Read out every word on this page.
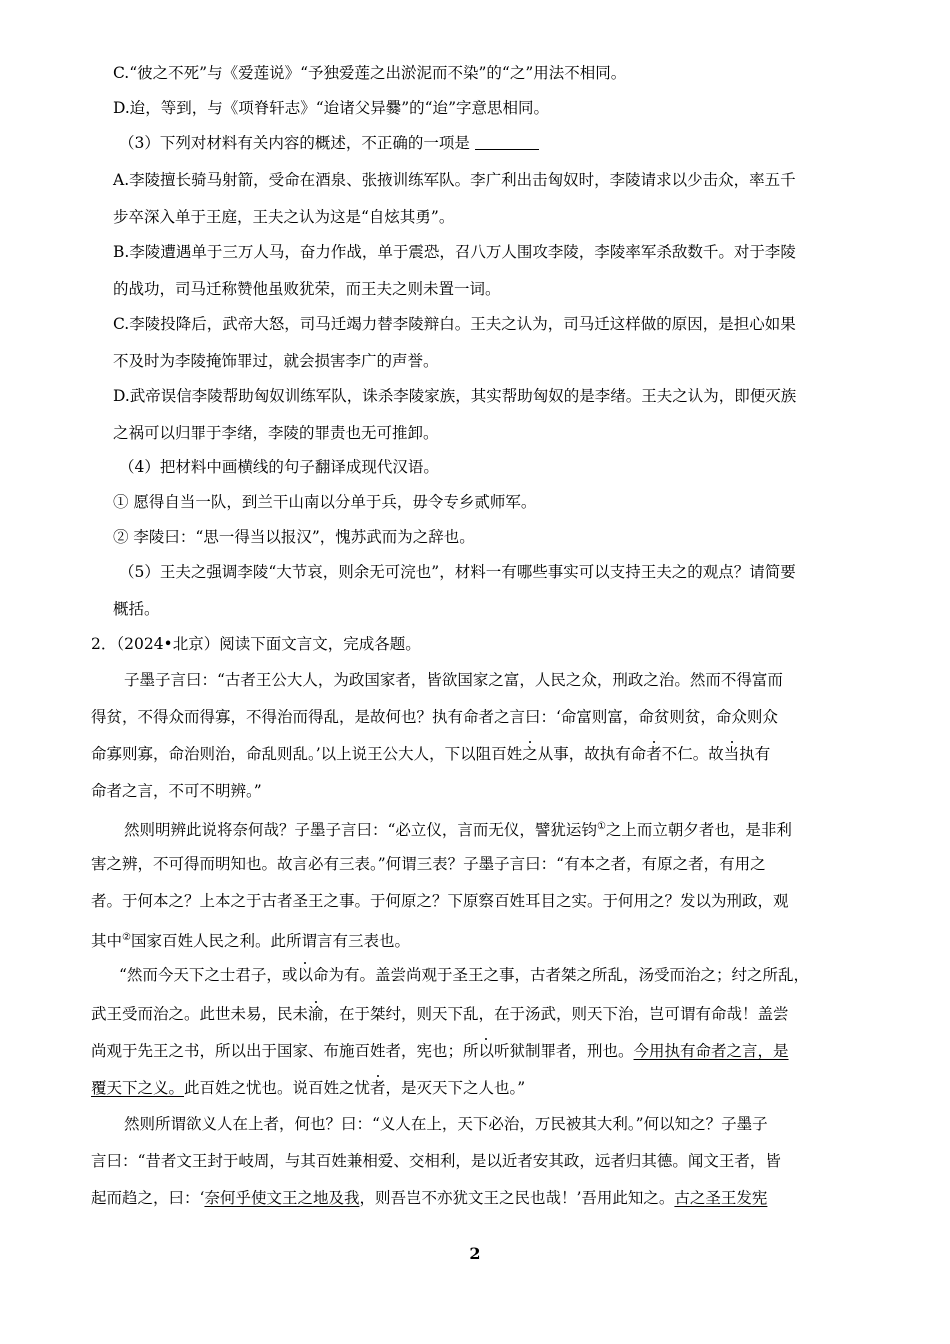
C.“彼之不死”与《爱莲说》“予独爱莲之出淤泥而不染”的“之”用法不相同。
D.迨，等到，与《项脊轩志》“迨诸父异爨”的“迨”字意思相同。
（3）下列对材料有关内容的概述，不正确的一项是
A.李陵擅长骑马射箭，受命在酒泉、张掖训练军队。李广利出击匈奴时，李陵请求以少击众，率五千
步卒深入单于王庭，王夫之认为这是“自炫其勇”。
B.李陵遭遇单于三万人马，奋力作战，单于震恐，召八万人围攻李陵，李陵率军杀敌数千。对于李陵
的战功，司马迁称赞他虽败犹荣，而王夫之则未置一词。
C.李陵投降后，武帝大怒，司马迁竭力替李陵辩白。王夫之认为，司马迁这样做的原因，是担心如果
不及时为李陵掩饰罪过，就会损害李广的声誉。
D.武帝误信李陵帮助匈奴训练军队，诛杀李陵家族，其实帮助匈奴的是李绪。王夫之认为，即便灭族
之祸可以归罪于李绪，李陵的罪责也无可推卸。
（4）把材料中画横线的句子翻译成现代汉语。
① 愿得自当一队，到兰干山南以分单于兵，毋令专乡贰师军。
② 李陵曰：“思一得当以报汉”，愧苏武而为之辞也。
（5）王夫之强调李陵“大节哀，则余无可浣也”，材料一有哪些事实可以支持王夫之的观点？请简要
概括。
2．（2024•北京）阅读下面文言文，完成各题。
子墨子言曰：“古者王公大人，为政国家者，皆欲国家之富，人民之众，刑政之治。然而不得富而
得贫，不得众而得寡，不得治而得乱，是故何也？执有命者之言曰：‘命富则富，命贫则贫，命众则众
命寡则寡，命治则治，命乱则乱。’以上说王公大人，下以阻百姓之从事，故执有命者不仁。故当执有
命者之言，不可不明辨。”
然则明辨此说将奈何哉？子墨子言曰：“必立仪，言而无仪，譬犹运钧①之上而立朝夕者也，是非利
害之辨，不可得而明知也。故言必有三表。”何谓三表？子墨子言曰：“有本之者，有原之者，有用之
者。于何本之？上本之于古者圣王之事。于何原之？下原察百姓耳目之实。于何用之？发以为刑政，观
其中②国家百姓人民之利。此所谓言有三表也。
“然而今天下之士君子，或以命为有。盖尝尚观于圣王之事，古者桀之所乱，汤受而治之；纣之所乱，
武王受而治之。此世未易，民未渝，在于桀纣，则天下乱，在于汤武，则天下治，岂可谓有命哉！盖尝
尚观于先王之书，所以出于国家、布施百姓者，宪也；所以听狱制罪者，刑也。今用执有命者之言，是
覆天下之义。此百姓之忧也。说百姓之忧者，是灭天下之人也。”
然则所谓欲义人在上者，何也？曰：“义人在上，天下必治，万民被其大利。”何以知之？子墨子
言曰：“昔者文王封于岐周，与其百姓兼相爱、交相利，是以近者安其政，远者归其德。闻文王者，皆
起而趋之，曰：‘奈何乎使文王之地及我，则吾岂不亦犹文王之民也哉！’吾用此知之。古之圣王发宪
2
